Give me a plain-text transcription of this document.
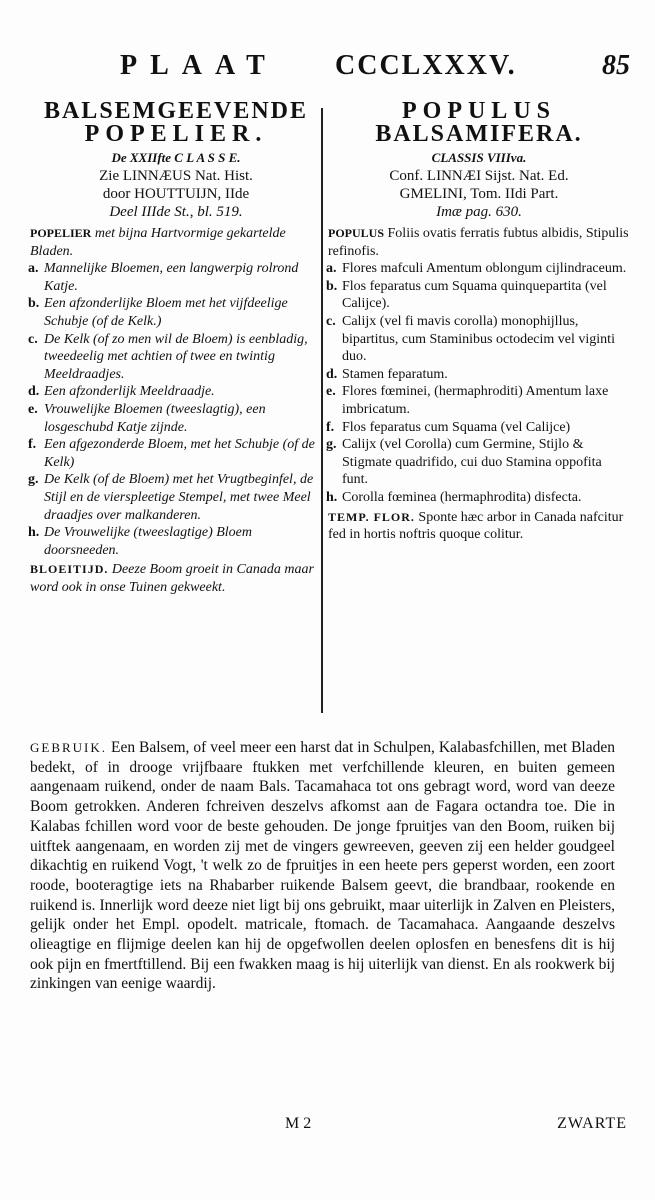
PLAAT CCCLXXXV.	85

BALSEMGEEVENDE

POPELIER.

De XXIIfte C L A S S E.

Zie LINNÆUS Nat. Hist.

door HOUTTUIJN, IIde

Deel IIIde St., bl. 519.

POPELIER met bijna Hartvormige gekartelde Bladen.

a. Mannelijke Bloemen, een langwerpig rolrond Katje.

b. Een afzonderlijke Bloem met het vijfdeelige Schubje (of de Kelk.)

c. De Kelk (of zo men wil de Bloem) is eenbladig, tweedeelig met achtien of twee en twintig Meeldraadjes.

d. Een afzonderlijk Meeldraadje.

e. Vrouwelijke Bloemen (tweeslagtig), een losgeschubd Katje zijnde.

f. Een afgezonderde Bloem, met het Schubje (of de Kelk)

g. De Kelk (of de Bloem) met het Vrugtbeginfel, de Stijl en de vierspleetige Stempel, met twee Meel draadjes over malkanderen.

h. De Vrouwelijke (tweeslagtige) Bloem doorsneeden.

BLOEITIJD. Deeze Boom groeit in Canada maar word ook in onse Tuinen gekweekt.

POPULUS

BALSAMIFERA.

CLASSIS VIIIva.

Conf. LINNÆI Sijst. Nat. Ed.

GMELINI, Tom. IIdi Part.

Imæ pag. 630.

POPULUS Foliis ovatis ferratis fubtus albidis, Stipulis refinofis.

a. Flores mafculi Amentum oblongum cijlindraceum.

b. Flos feparatus cum Squama quinquepartita (vel Calijce).

c. Calijx (vel fi mavis corolla) monophijllus, bipartitus, cum Staminibus octodecim vel viginti duo.

d. Stamen feparatum.

e. Flores fœminei, (hermaphroditi) Amentum laxe imbricatum.

f. Flos feparatus cum Squama (vel Calijce)

g. Calijx (vel Corolla) cum Germine, Stijlo & Stigmate quadrifido, cui duo Stamina oppofita funt.

h. Corolla fœminea (hermaphrodita) disfecta.

TEMP. FLOR. Sponte hæc arbor in Canada nafcitur fed in hortis noftris quoque colitur.

GEBRUIK. Een Balsem, of veel meer een harst dat in Schulpen, Kalabasfchillen, met Bladen bedekt, of in drooge vrijfbaare ftukken met verfchillende kleuren, en buiten gemeen aangenaam ruikend, onder de naam Bals. Tacamahaca tot ons gebragt word, word van deeze Boom getrokken. Anderen fchreiven deszelvs afkomst aan de Fagara octandra toe. Die in Kalabas fchillen word voor de beste gehouden. De jonge fpruitjes van den Boom, ruiken bij uitftek aangenaam, en worden zij met de vingers gewreeven, geeven zij een helder goudgeel dikachtig en ruikend Vogt, 't welk zo de fpruitjes in een heete pers geperst worden, een zoort roode, booteragtige iets na Rhabarber ruikende Balsem geevt, die brandbaar, rookende en ruikend is. Innerlijk word deeze niet ligt bij ons gebruikt, maar uiterlijk in Zalven en Pleisters, gelijk onder het Empl. opodelt. matricale, ftomach. de Tacamahaca. Aangaande deszelvs olieagtige en flijmige deelen kan hij de opgefwollen deelen oplosfen en benesfens dit is hij ook pijn en fmertftillend. Bij een fwakken maag is hij uiterlijk van dienst. En als rookwerk bij zinkingen van eenige waardij.

M 2	ZWARTE
